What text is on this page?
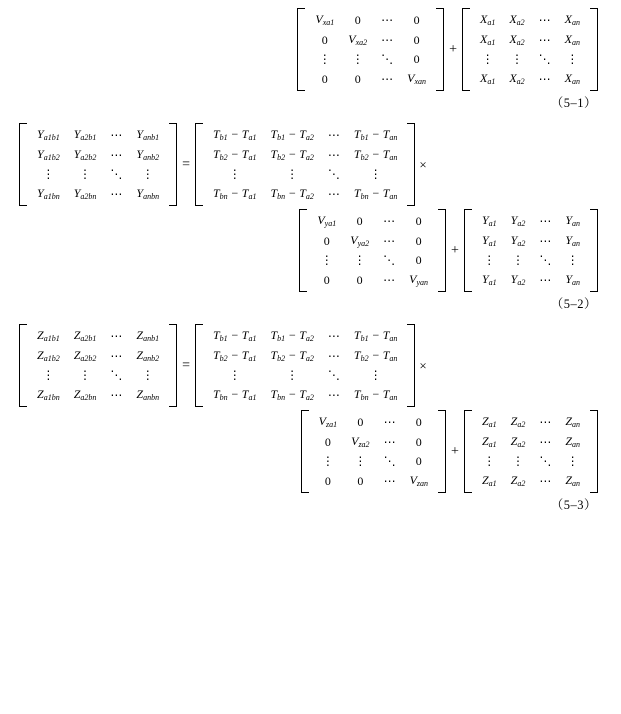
$V_{xa1}$	0	⋯	0
0	$V_{xa2}$	⋯	0
⋮	⋮	⋱	0
0	0	⋯	$V_{xan}$
+
$X_{a1}$	$X_{a2}$	⋯	$X_{an}$
$X_{a1}$	$X_{a2}$	⋯	$X_{an}$
⋮	⋮	⋱	⋮
$X_{a1}$	$X_{a2}$	⋯	$X_{an}$
（5–1）
$Y_{a1b1}$	$Y_{a2b1}$	⋯	$Y_{anb1}$
$Y_{a1b2}$	$Y_{a2b2}$	⋯	$Y_{anb2}$
⋮	⋮	⋱	⋮
$Y_{a1bn}$	$Y_{a2bn}$	⋯	$Y_{anbn}$
=
$T_{b1} - T_{a1}$	$T_{b1} - T_{a2}$	⋯	$T_{b1} - T_{an}$
$T_{b2} - T_{a1}$	$T_{b2} - T_{a2}$	⋯	$T_{b2} - T_{an}$
⋮	⋮	⋱	⋮
$T_{bn} - T_{a1}$	$T_{bn} - T_{a2}$	⋯	$T_{bn} - T_{an}$
×
$V_{ya1}$	0	⋯	0
0	$V_{ya2}$	⋯	0
⋮	⋮	⋱	0
0	0	⋯	$V_{yan}$
+
$Y_{a1}$	$Y_{a2}$	⋯	$Y_{an}$
$Y_{a1}$	$Y_{a2}$	⋯	$Y_{an}$
⋮	⋮	⋱	⋮
$Y_{a1}$	$Y_{a2}$	⋯	$Y_{an}$
（5–2）
$Z_{a1b1}$	$Z_{a2b1}$	⋯	$Z_{anb1}$
$Z_{a1b2}$	$Z_{a2b2}$	⋯	$Z_{anb2}$
⋮	⋮	⋱	⋮
$Z_{a1bn}$	$Z_{a2bn}$	⋯	$Z_{anbn}$
=
$T_{b1} - T_{a1}$	$T_{b1} - T_{a2}$	⋯	$T_{b1} - T_{an}$
$T_{b2} - T_{a1}$	$T_{b2} - T_{a2}$	⋯	$T_{b2} - T_{an}$
⋮	⋮	⋱	⋮
$T_{bn} - T_{a1}$	$T_{bn} - T_{a2}$	⋯	$T_{bn} - T_{an}$
×
$V_{za1}$	0	⋯	0
0	$V_{za2}$	⋯	0
⋮	⋮	⋱	0
0	0	⋯	$V_{zan}$
+
$Z_{a1}$	$Z_{a2}$	⋯	$Z_{an}$
$Z_{a1}$	$Z_{a2}$	⋯	$Z_{an}$
⋮	⋮	⋱	⋮
$Z_{a1}$	$Z_{a2}$	⋯	$Z_{an}$
（5–3）
